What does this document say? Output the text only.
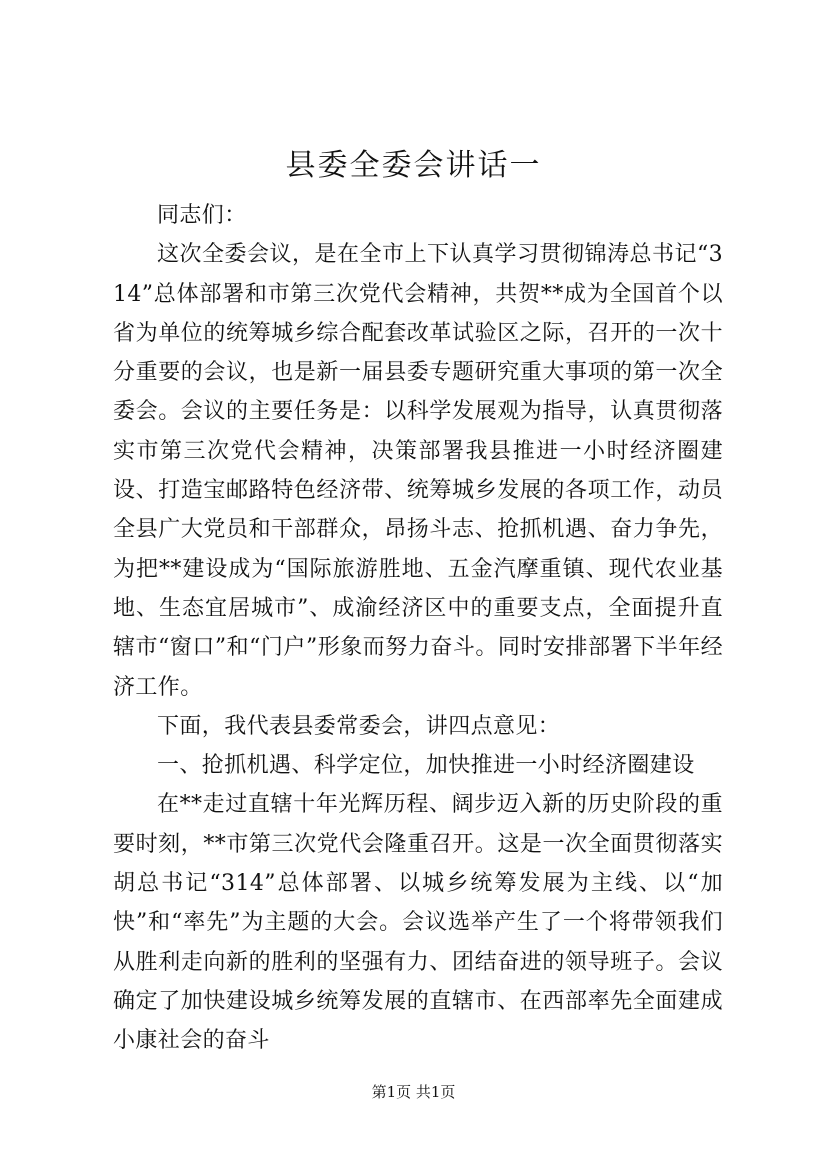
县委全委会讲话一

同志们：

这次全委会议，是在全市上下认真学习贯彻锦涛总书记“314”总体部署和市第三次党代会精神，共贺**成为全国首个以省为单位的统筹城乡综合配套改革试验区之际，召开的一次十分重要的会议，也是新一届县委专题研究重大事项的第一次全委会。会议的主要任务是：以科学发展观为指导，认真贯彻落实市第三次党代会精神，决策部署我县推进一小时经济圈建设、打造宝邮路特色经济带、统筹城乡发展的各项工作，动员全县广大党员和干部群众，昂扬斗志、抢抓机遇、奋力争先，为把**建设成为“国际旅游胜地、五金汽摩重镇、现代农业基地、生态宜居城市”、成渝经济区中的重要支点，全面提升直辖市“窗口”和“门户”形象而努力奋斗。同时安排部署下半年经济工作。

下面，我代表县委常委会，讲四点意见：

一、抢抓机遇、科学定位，加快推进一小时经济圈建设

在**走过直辖十年光辉历程、阔步迈入新的历史阶段的重要时刻，**市第三次党代会隆重召开。这是一次全面贯彻落实胡总书记“314”总体部署、以城乡统筹发展为主线、以“加快”和“率先”为主题的大会。会议选举产生了一个将带领我们从胜利走向新的胜利的坚强有力、团结奋进的领导班子。会议确定了加快建设城乡统筹发展的直辖市、在西部率先全面建成小康社会的奋斗

第1页 共1页
